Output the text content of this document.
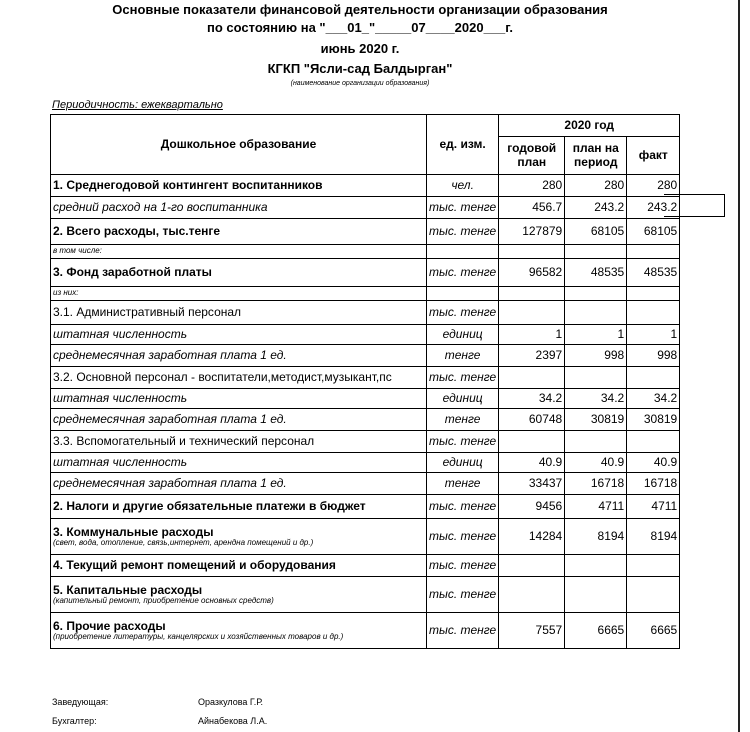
Основные показатели финансовой деятельности организации образования
по состоянию на "___01_"_____07____2020___г.
июнь 2020 г.
КГКП "Ясли-сад Балдырган"
(наименование организации образования)
Периодичность: ежеквартально
Дошкольное образование	ед. изм.	2020 год		
		годовой план	план на период	факт
1. Среднегодовой контингент воспитанников	чел.	280	280	280
средний расход на 1-го воспитанника	тыс. тенге	456.7	243.2	243.2
2. Всего расходы, тыс.тенге	тыс. тенге	127879	68105	68105
в том числе:				
3. Фонд заработной платы	тыс. тенге	96582	48535	48535
из них:				
3.1. Административный персонал	тыс. тенге			
штатная численность	единиц	1	1	1
среднемесячная заработная плата 1 ед.	тенге	2397	998	998
3.2. Основной персонал - воспитатели,методист,музыкант,пс	тыс. тенге			
штатная численность	единиц	34.2	34.2	34.2
среднемесячная заработная плата 1 ед.	тенге	60748	30819	30819
3.3. Вспомогательный и технический персонал	тыс. тенге			
штатная численность	единиц	40.9	40.9	40.9
среднемесячная заработная плата 1 ед.	тенге	33437	16718	16718
2. Налоги и другие обязательные платежи в бюджет	тыс. тенге	9456	4711	4711
3. Коммунальные расходы
(свет, вода, отопление, связь,интернет, арендна помещений и др.)	тыс. тенге	14284	8194	8194
4. Текущий ремонт помещений и оборудования	тыс. тенге			
5. Капитальные расходы
(капительный ремонт, приобретение основных средств)	тыс. тенге			
6. Прочие расходы
(приобретение литературы, канцелярских и хозяйственных товаров и др.)	тыс. тенге	7557	6665	6665
Заведующая:	Оразкулова Г.Р.
Бухгалтер:	Айнабекова Л.А.
